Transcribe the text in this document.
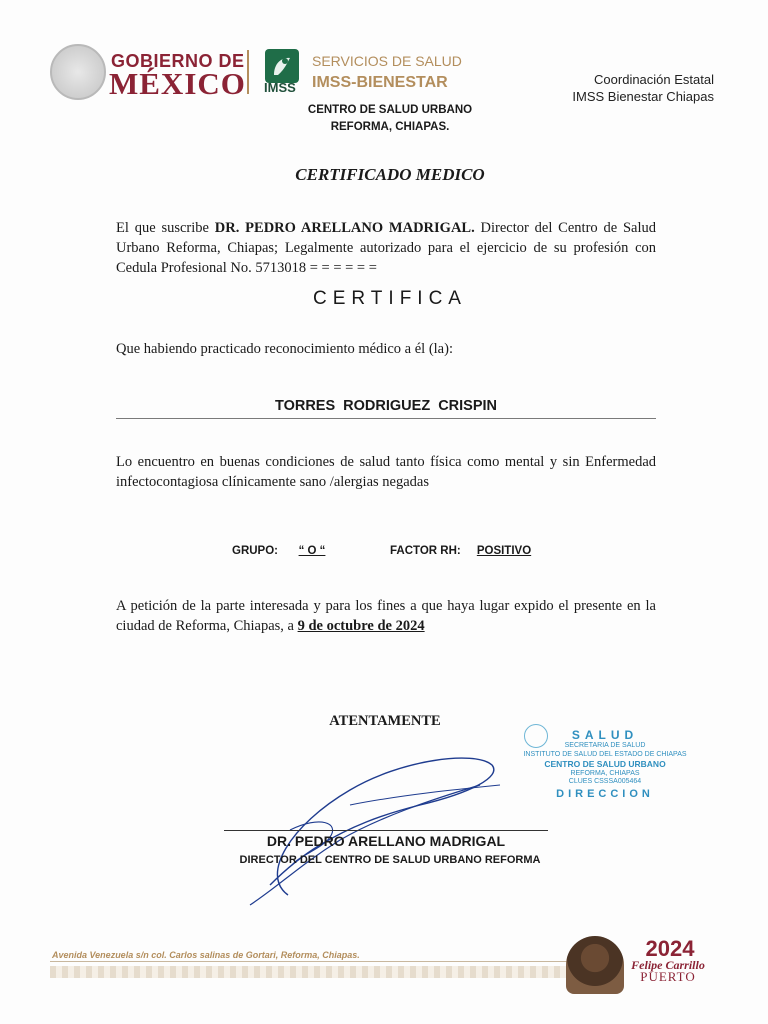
GOBIERNO DE
MÉXICO IMSS
SERVICIOS DE SALUD
IMSS-BIENESTAR	Coordinación Estatal
IMSS Bienestar Chiapas
CENTRO DE SALUD URBANO
REFORMA, CHIAPAS.
CERTIFICADO MEDICO
El que suscribe DR. PEDRO ARELLANO MADRIGAL. Director del Centro de Salud Urbano Reforma, Chiapas; Legalmente autorizado para el ejercicio de su profesión con Cedula Profesional No. 5713018 = = = = = =
CERTIFICA
Que habiendo practicado reconocimiento médico a él (la):
TORRES RODRIGUEZ CRISPIN
Lo encuentro en buenas condiciones de salud tanto física como mental y sin Enfermedad infectocontagiosa clínicamente sano /alergias negadas
GRUPO:	“ O “	FACTOR RH:	POSITIVO
A petición de la parte interesada y para los fines a que haya lugar expido el presente en la ciudad de Reforma, Chiapas, a 9 de octubre de 2024
ATENTAMENTE
SALUD
SECRETARIA DE SALUD
INSTITUTO DE SALUD DEL ESTADO DE CHIAPAS
CENTRO DE SALUD URBANO
REFORMA, CHIAPAS
CLUES CSSSA005464
DIRECCION
DR. PEDRO ARELLANO MADRIGAL
DIRECTOR DEL CENTRO DE SALUD URBANO REFORMA
Avenida Venezuela s/n col. Carlos salinas de Gortari, Reforma, Chiapas.	2024
Felipe Carrillo
PUERTO
